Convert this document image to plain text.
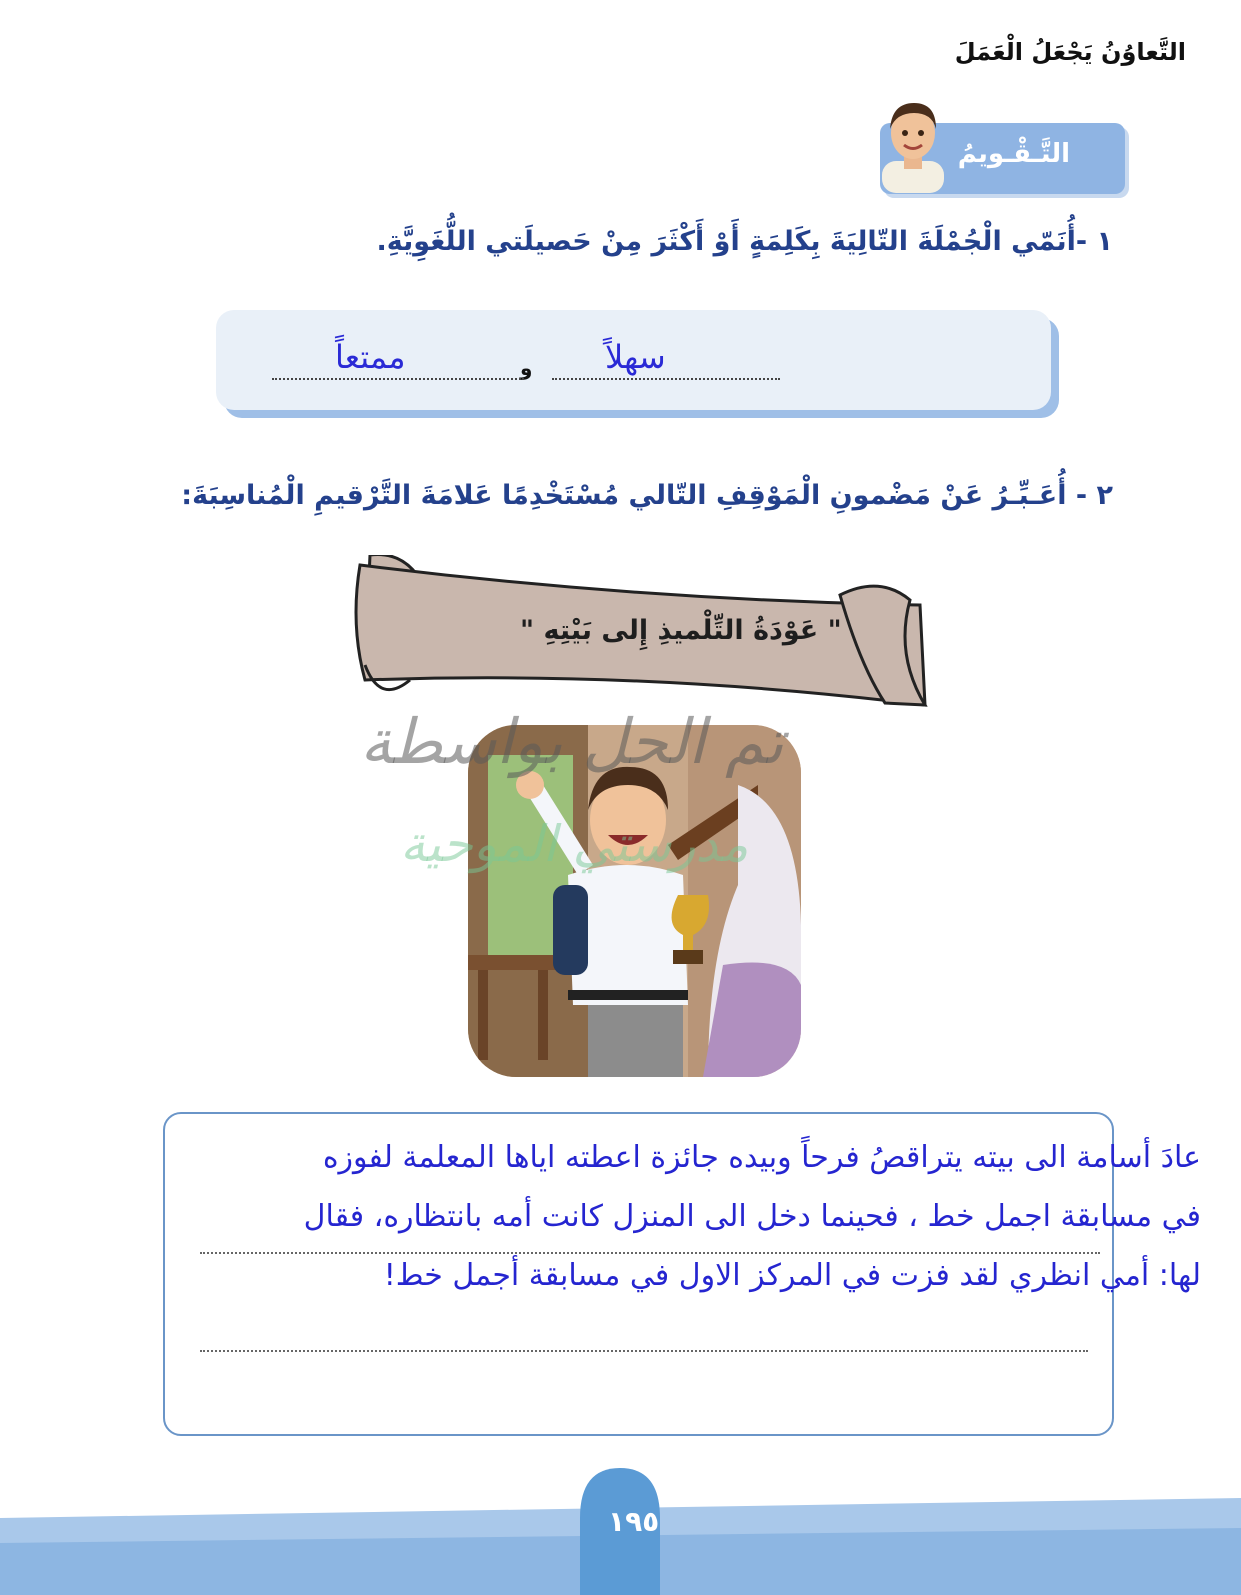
التَّـقْـويمُ
١ -أُنَمّي الْجُمْلَةَ التّالِيَةَ بِكَلِمَةٍ أَوْ أَكْثَرَ مِنْ حَصيلَتي اللُّغَوِيَّةِ.
التَّعاوُنُ يَجْعَلُ الْعَمَلَ
و سهلاً
ممتعاً
٢ - أُعَـبِّـرُ عَنْ مَضْمونِ الْمَوْقِفِ التّالي مُسْتَخْدِمًا عَلامَةَ التَّرْقيمِ الْمُناسِبَةَ:
" عَوْدَةُ التِّلْميذِ إِلى بَيْتِهِ "
تم الحل بواسطة
مدرستي الموحية
عادَ أسامة الى بيته يتراقصُ فرحاً وبيده جائزة اعطته اياها المعلمة لفوزه في مسابقة اجمل خط ، فحينما دخل الى المنزل كانت أمه بانتظاره، فقال لها: أمي انظري لقد فزت في المركز الاول في مسابقة أجمل خط!
١٩٥
